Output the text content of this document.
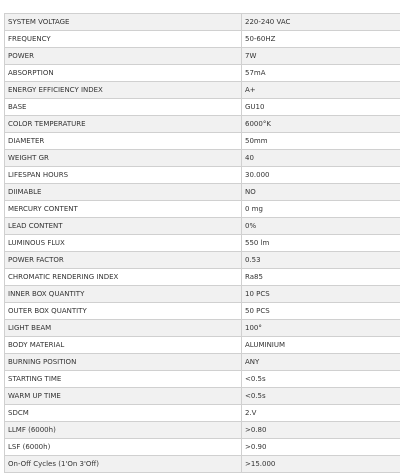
SYSTEM VOLTAGE	220-240 VAC
FREQUENCY	50-60HZ
POWER	7W
ABSORPTION	57mA
ENERGY EFFICIENCY INDEX	A+
BASE	GU10
COLOR TEMPERATURE	6000°K
DIAMETER	50mm
WEIGHT GR	40
LIFESPAN HOURS	30.000
DIIMABLE	NO
MERCURY CONTENT	0 mg
LEAD CONTENT	0%
LUMINOUS FLUX	550 lm
POWER FACTOR	0.53
CHROMATIC RENDERING INDEX	Ra85
INNER BOX QUANTITY	10 PCS
OUTER BOX QUANTITY	50 PCS
LIGHT BEAM	100°
BODY MATERIAL	ALUMINIUM
BURNING POSITION	ANY
STARTING TIME	<0.5s
WARM UP TIME	<0.5s
SDCM	2.V
LLMF (6000h)	>0.80
LSF (6000h)	>0.90
On-Off Cycles (1'On 3'Off)	>15.000
